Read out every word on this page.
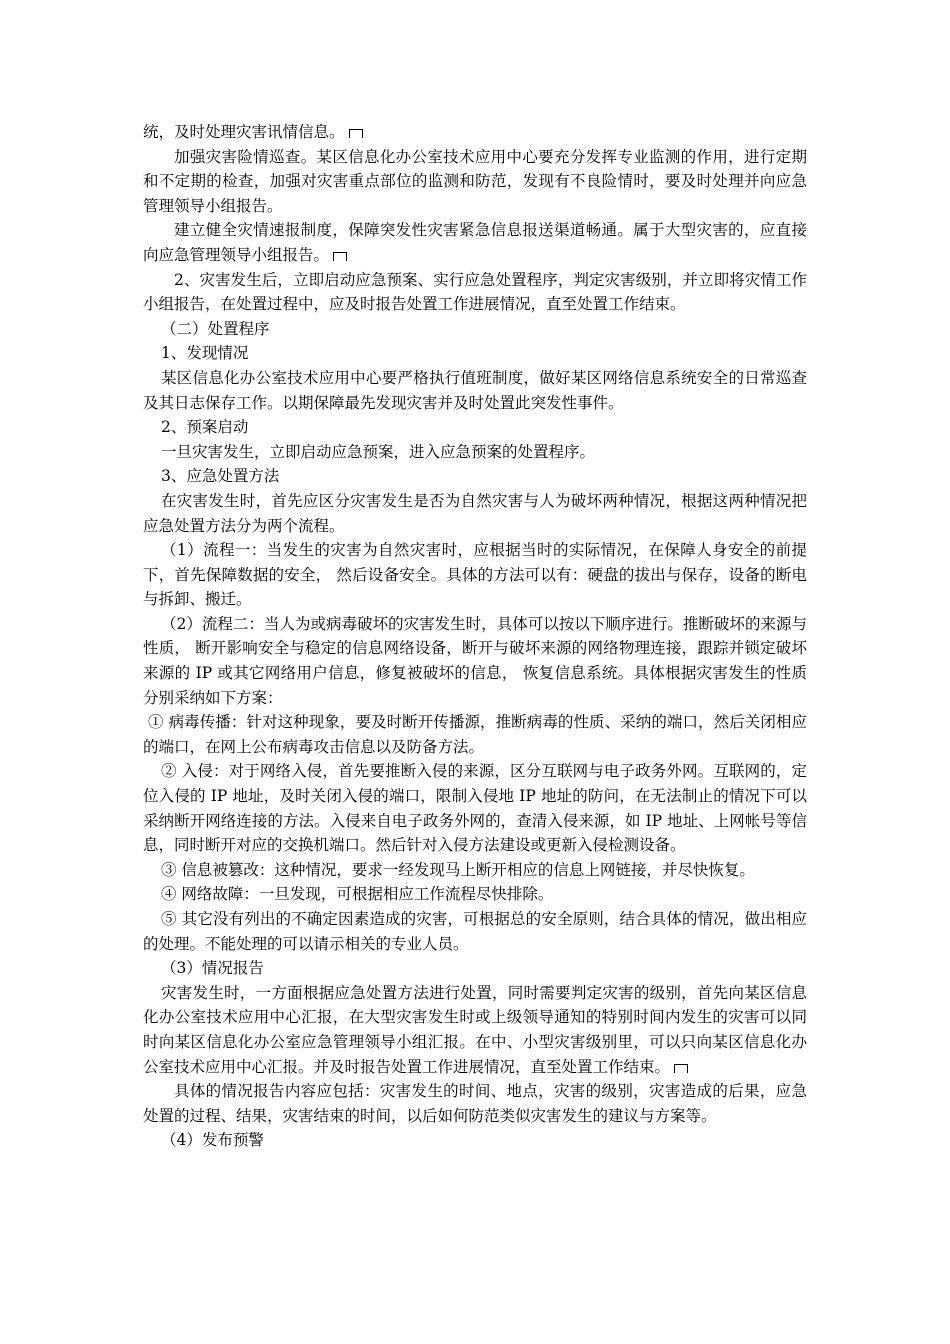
统，及时处理灾害讯情信息。

加强灾害险情巡查。某区信息化办公室技术应用中心要充分发挥专业监测的作用，进行定期和不定期的检查，加强对灾害重点部位的监测和防范，发现有不良险情时，要及时处理并向应急管理领导小组报告。

建立健全灾情速报制度，保障突发性灾害紧急信息报送渠道畅通。属于大型灾害的，应直接向应急管理领导小组报告。

2、灾害发生后，立即启动应急预案、实行应急处置程序，判定灾害级别，并立即将灾情工作小组报告，在处置过程中，应及时报告处置工作进展情况，直至处置工作结束。

（二）处置程序

1、发现情况

某区信息化办公室技术应用中心要严格执行值班制度，做好某区网络信息系统安全的日常巡查及其日志保存工作。以期保障最先发现灾害并及时处置此突发性事件。

2、预案启动

一旦灾害发生，立即启动应急预案，进入应急预案的处置程序。

3、应急处置方法

在灾害发生时，首先应区分灾害发生是否为自然灾害与人为破坏两种情况，根据这两种情况把应急处置方法分为两个流程。

（1）流程一：当发生的灾害为自然灾害时，应根据当时的实际情况，在保障人身安全的前提下，首先保障数据的安全， 然后设备安全。具体的方法可以有：硬盘的拔出与保存，设备的断电与拆卸、搬迁。

（2）流程二：当人为或病毒破坏的灾害发生时，具体可以按以下顺序进行。推断破坏的来源与性质， 断开影响安全与稳定的信息网络设备，断开与破坏来源的网络物理连接，跟踪并锁定破坏来源的 IP 或其它网络用户信息，修复被破坏的信息， 恢复信息系统。具体根据灾害发生的性质分别采纳如下方案：

① 病毒传播：针对这种现象，要及时断开传播源，推断病毒的性质、采纳的端口，然后关闭相应的端口，在网上公布病毒攻击信息以及防备方法。

② 入侵：对于网络入侵，首先要推断入侵的来源，区分互联网与电子政务外网。互联网的，定位入侵的 IP 地址，及时关闭入侵的端口，限制入侵地 IP 地址的防问，在无法制止的情况下可以采纳断开网络连接的方法。入侵来自电子政务外网的，查清入侵来源，如 IP 地址、上网帐号等信息，同时断开对应的交换机端口。然后针对入侵方法建设或更新入侵检测设备。

③ 信息被篡改：这种情况，要求一经发现马上断开相应的信息上网链接，并尽快恢复。

④ 网络故障：一旦发现，可根据相应工作流程尽快排除。

⑤ 其它没有列出的不确定因素造成的灾害，可根据总的安全原则，结合具体的情况，做出相应的处理。不能处理的可以请示相关的专业人员。

（3）情况报告

灾害发生时，一方面根据应急处置方法进行处置，同时需要判定灾害的级别，首先向某区信息化办公室技术应用中心汇报，在大型灾害发生时或上级领导通知的特别时间内发生的灾害可以同时向某区信息化办公室应急管理领导小组汇报。在中、小型灾害级别里，可以只向某区信息化办公室技术应用中心汇报。并及时报告处置工作进展情况，直至处置工作结束。

具体的情况报告内容应包括：灾害发生的时间、地点，灾害的级别，灾害造成的后果，应急处置的过程、结果，灾害结束的时间，以后如何防范类似灾害发生的建议与方案等。

（4）发布预警
